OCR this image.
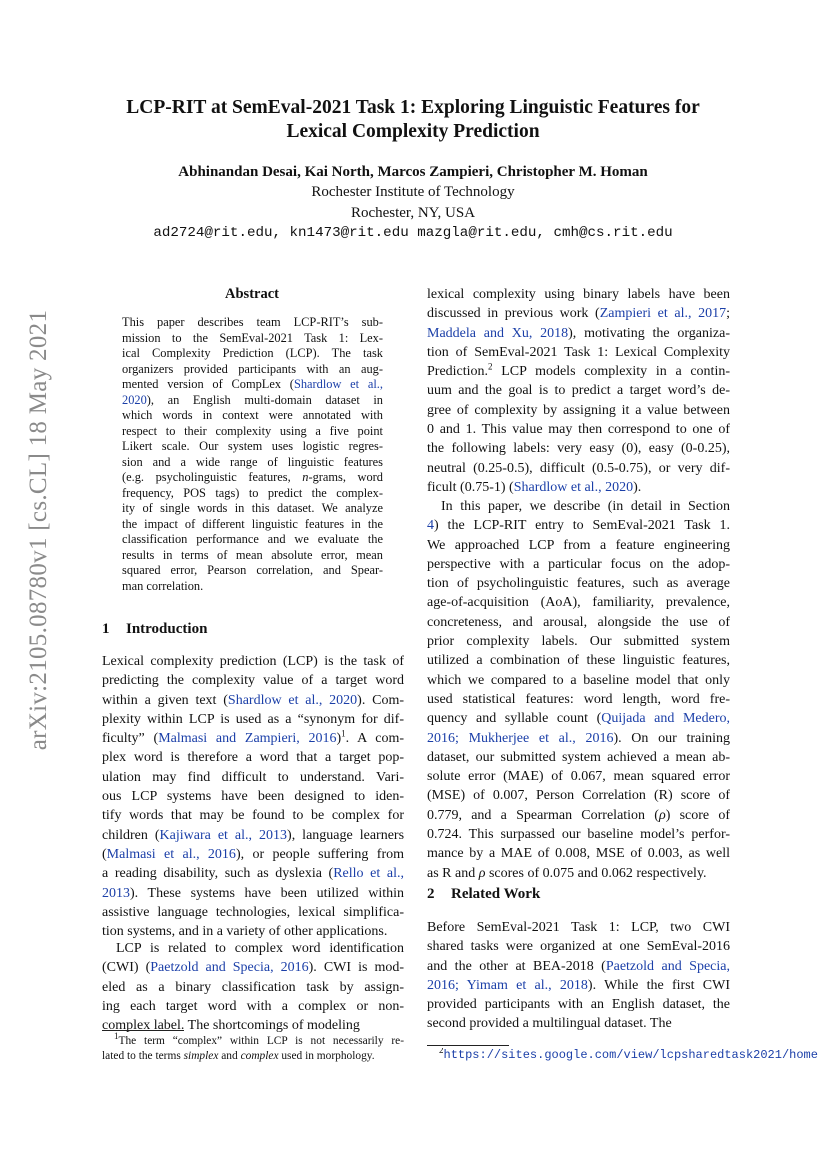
LCP-RIT at SemEval-2021 Task 1: Exploring Linguistic Features for
Lexical Complexity Prediction
Abhinandan Desai, Kai North, Marcos Zampieri, Christopher M. Homan
Rochester Institute of Technology
Rochester, NY, USA
ad2724@rit.edu, kn1473@rit.edu mazgla@rit.edu, cmh@cs.rit.edu
arXiv:2105.08780v1 [cs.CL] 18 May 2021
Abstract
This paper describes team LCP-RIT’s sub-
mission to the SemEval-2021 Task 1: Lex-
ical Complexity Prediction (LCP). The task
organizers provided participants with an aug-
mented version of CompLex (Shardlow et al.,
2020), an English multi-domain dataset in
which words in context were annotated with
respect to their complexity using a five point
Likert scale. Our system uses logistic regres-
sion and a wide range of linguistic features
(e.g. psycholinguistic features, n-grams, word
frequency, POS tags) to predict the complex-
ity of single words in this dataset. We analyze
the impact of different linguistic features in the
classification performance and we evaluate the
results in terms of mean absolute error, mean
squared error, Pearson correlation, and Spear-
man correlation.
1 Introduction
Lexical complexity prediction (LCP) is the task of
predicting the complexity value of a target word
within a given text (Shardlow et al., 2020). Com-
plexity within LCP is used as a “synonym for dif-
ficulty” (Malmasi and Zampieri, 2016)$^1$. A com-
plex word is therefore a word that a target pop-
ulation may find difficult to understand. Vari-
ous LCP systems have been designed to iden-
tify words that may be found to be complex for
children (Kajiwara et al., 2013), language learners
(Malmasi et al., 2016), or people suffering from
a reading disability, such as dyslexia (Rello et al.,
2013). These systems have been utilized within
assistive language technologies, lexical simplifica-
tion systems, and in a variety of other applications.
LCP is related to complex word identification
(CWI) (Paetzold and Specia, 2016). CWI is mod-
eled as a binary classification task by assign-
ing each target word with a complex or non-
complex label. The shortcomings of modeling
$^1$The term “complex” within LCP is not necessarily re-
lated to the terms simplex and complex used in morphology.
lexical complexity using binary labels have been
discussed in previous work (Zampieri et al., 2017;
Maddela and Xu, 2018), motivating the organiza-
tion of SemEval-2021 Task 1: Lexical Complexity
Prediction.$^2$ LCP models complexity in a contin-
uum and the goal is to predict a target word’s de-
gree of complexity by assigning it a value between
0 and 1. This value may then correspond to one of
the following labels: very easy (0), easy (0-0.25),
neutral (0.25-0.5), difficult (0.5-0.75), or very dif-
ficult (0.75-1) (Shardlow et al., 2020).
In this paper, we describe (in detail in Section
4) the LCP-RIT entry to SemEval-2021 Task 1.
We approached LCP from a feature engineering
perspective with a particular focus on the adop-
tion of psycholinguistic features, such as average
age-of-acquisition (AoA), familiarity, prevalence,
concreteness, and arousal, alongside the use of
prior complexity labels. Our submitted system
utilized a combination of these linguistic features,
which we compared to a baseline model that only
used statistical features: word length, word fre-
quency and syllable count (Quijada and Medero,
2016; Mukherjee et al., 2016). On our training
dataset, our submitted system achieved a mean ab-
solute error (MAE) of 0.067, mean squared error
(MSE) of 0.007, Person Correlation (R) score of
0.779, and a Spearman Correlation (ρ) score of
0.724. This surpassed our baseline model’s perfor-
mance by a MAE of 0.008, MSE of 0.003, as well
as R and ρ scores of 0.075 and 0.062 respectively.
2 Related Work
Before SemEval-2021 Task 1: LCP, two CWI
shared tasks were organized at one SemEval-2016
and the other at BEA-2018 (Paetzold and Specia,
2016; Yimam et al., 2018). While the first CWI
provided participants with an English dataset, the
second provided a multilingual dataset. The
$^2$https://sites.google.com/view/lcpsharedtask2021/home
